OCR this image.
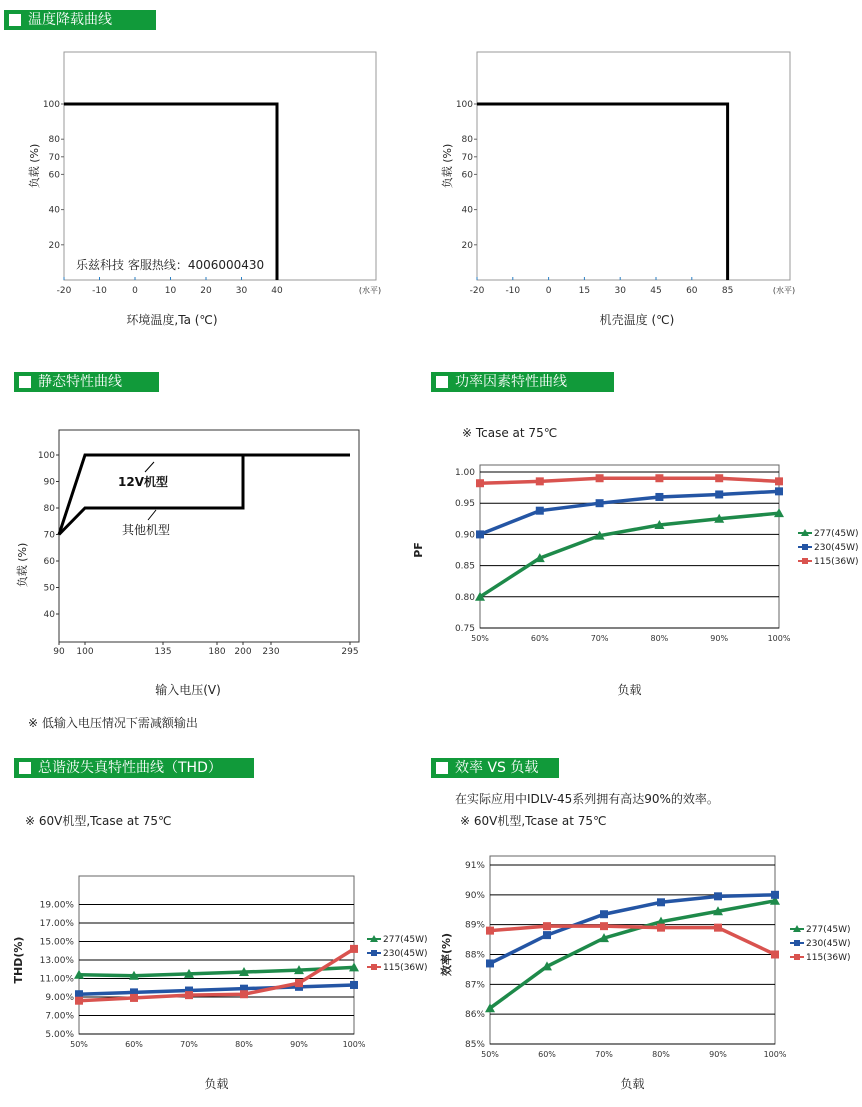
温度降载曲线
静态特性曲线	功率因素特性曲线
总谐波失真特性曲线（THD）	效率 VS 负载
※ 低输入电压情况下需减额输出
※ Tcase at 75℃
※ 60V机型,Tcase at 75℃
在实际应用中IDLV-45系列拥有高达90%的效率。
※ 60V机型,Tcase at 75℃
乐兹科技 客服热线：4006000430
20
40
60
70
80
100
-20 -10	0	10	20	30	40	(水平)
环境温度,Ta (℃)
负载 (%)
20
40
60
70
80
100
-20 -10	0	15	30	45	60	85	(水平)
机壳温度 (℃)
负载 (%)
40
50
60
70
80
90
100
90 100	135	180 200 230	295
12V机型
其他机型
输入电压(V)
负载 (%)
0.75
0.80
0.85
0.90
0.95
1.00
50%	60%	70%	80%	90%	100%
277(45W)
230(45W)
115(36W)
负载
PF
5.00%
7.00%
9.00%
11.00%
13.00%
15.00%
17.00%
19.00%
50%	60%	70%	80%	90%	100%
277(45W)
230(45W)
115(36W)
负载
THD(%)
85%
86%
87%
88%
89%
90%
91%
50%	60%	70%	80%	90%	100%
277(45W)
230(45W)
115(36W)
负载
效率(%)
